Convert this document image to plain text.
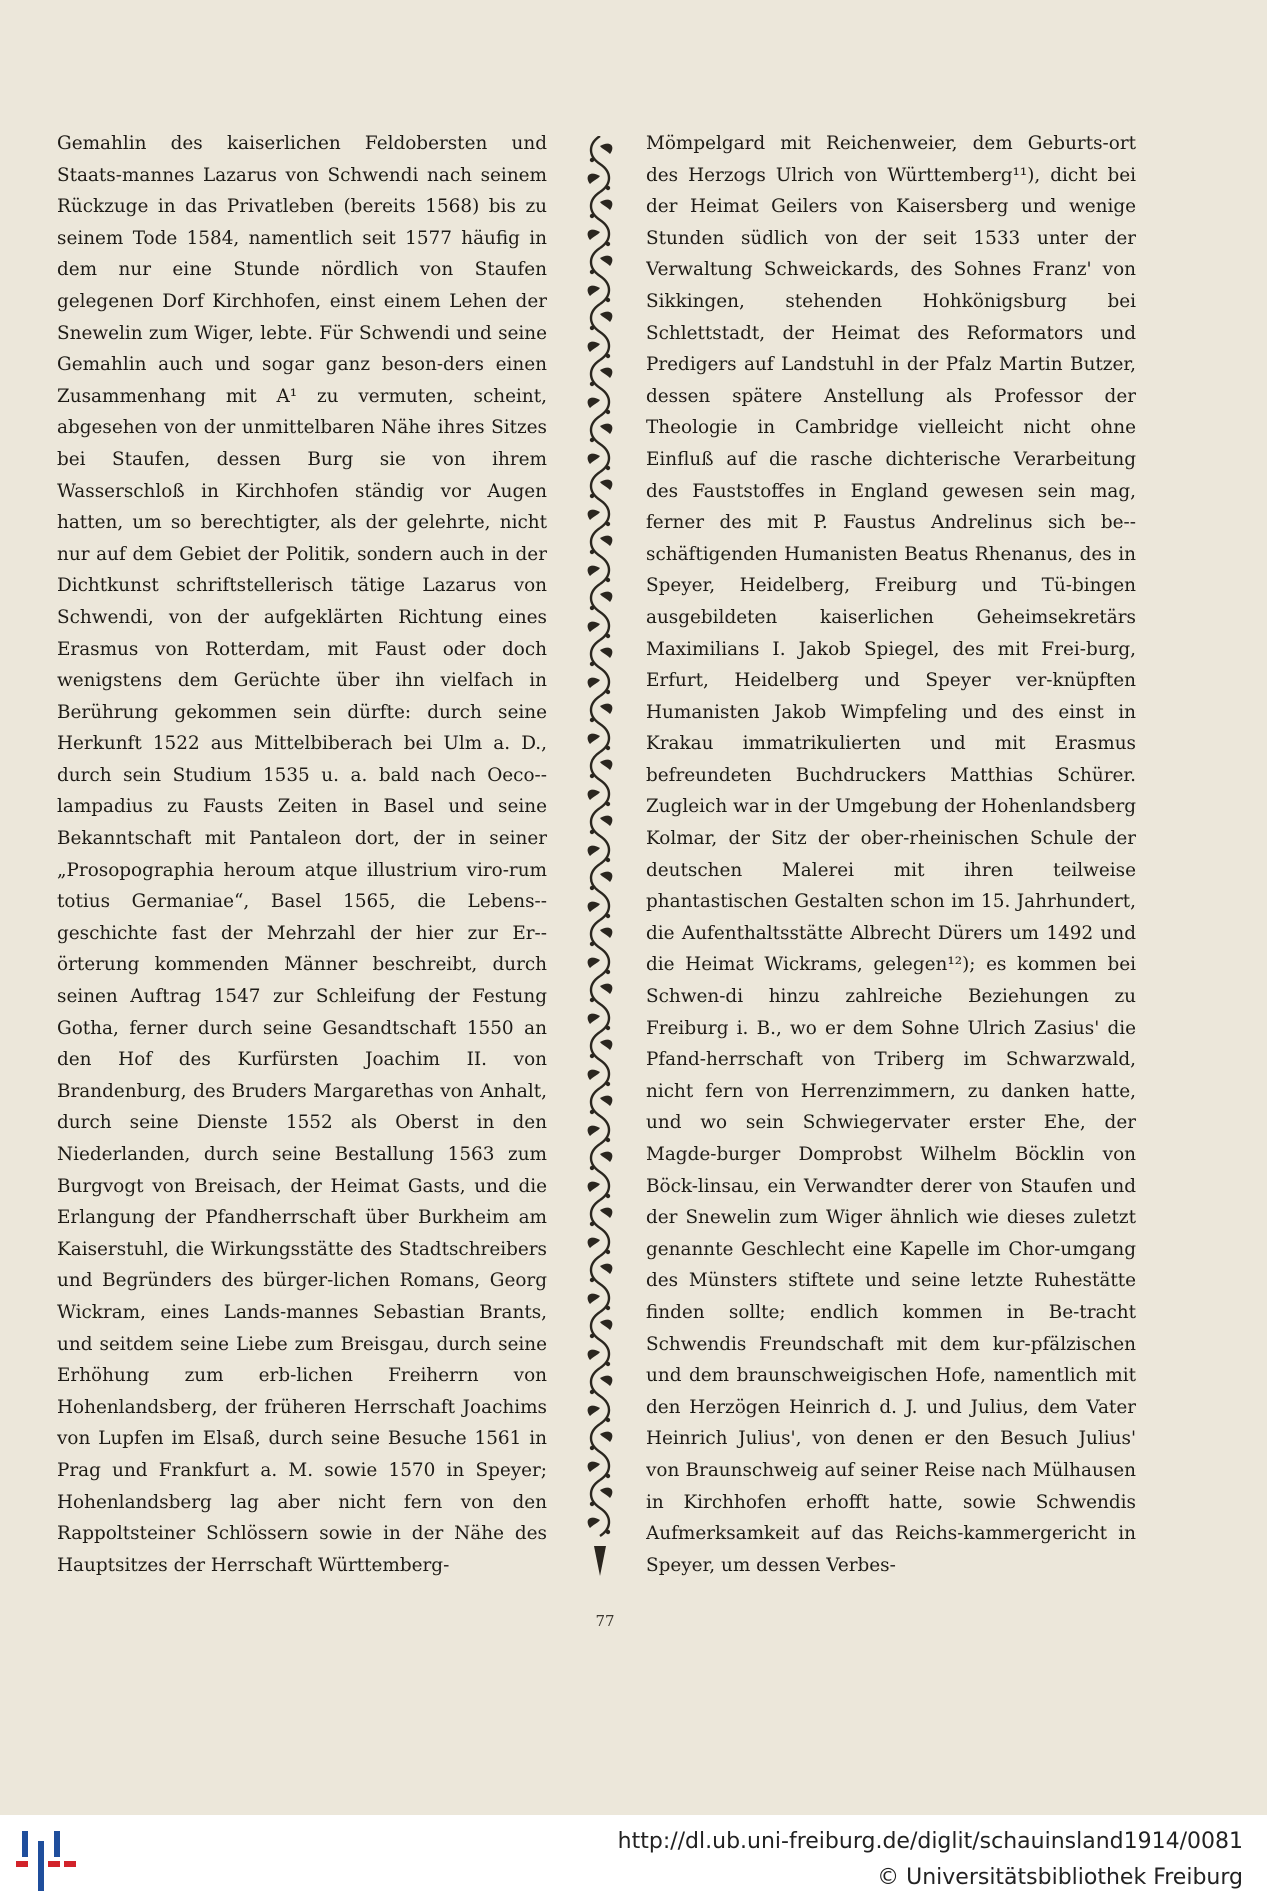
Gemahlin des kaiserlichen Feldobersten und Staats-mannes Lazarus von Schwendi nach seinem Rückzuge in das Privatleben (bereits 1568) bis zu seinem Tode 1584, namentlich seit 1577 häufig in dem nur eine Stunde nördlich von Staufen gelegenen Dorf Kirchhofen, einst einem Lehen der Snewelin zum Wiger, lebte. Für Schwendi und seine Gemahlin auch und sogar ganz beson-ders einen Zusammenhang mit A¹ zu vermuten, scheint, abgesehen von der unmittelbaren Nähe ihres Sitzes bei Staufen, dessen Burg sie von ihrem Wasserschloß in Kirchhofen ständig vor Augen hatten, um so berechtigter, als der gelehrte, nicht nur auf dem Gebiet der Politik, sondern auch in der Dichtkunst schriftstellerisch tätige Lazarus von Schwendi, von der aufgeklärten Richtung eines Erasmus von Rotterdam, mit Faust oder doch wenigstens dem Gerüchte über ihn vielfach in Berührung gekommen sein dürfte: durch seine Herkunft 1522 aus Mittelbiberach bei Ulm a. D., durch sein Studium 1535 u. a. bald nach Oeco-lampadius zu Fausts Zeiten in Basel und seine Bekanntschaft mit Pantaleon dort, der in seiner „Prosopographia heroum atque illustrium viro-rum totius Germaniae“, Basel 1565, die Lebens-geschichte fast der Mehrzahl der hier zur Er-örterung kommenden Männer beschreibt, durch seinen Auftrag 1547 zur Schleifung der Festung Gotha, ferner durch seine Gesandtschaft 1550 an den Hof des Kurfürsten Joachim II. von Brandenburg, des Bruders Margarethas von Anhalt, durch seine Dienste 1552 als Oberst in den Niederlanden, durch seine Bestallung 1563 zum Burgvogt von Breisach, der Heimat Gasts, und die Erlangung der Pfandherrschaft über Burkheim am Kaiserstuhl, die Wirkungsstätte des Stadtschreibers und Begründers des bürger-lichen Romans, Georg Wickram, eines Lands-mannes Sebastian Brants, und seitdem seine Liebe zum Breisgau, durch seine Erhöhung zum erb-lichen Freiherrn von Hohenlandsberg, der früheren Herrschaft Joachims von Lupfen im Elsaß, durch seine Besuche 1561 in Prag und Frankfurt a. M. sowie 1570 in Speyer; Hohenlandsberg lag aber nicht fern von den Rappoltsteiner Schlössern sowie in der Nähe des Hauptsitzes der Herrschaft Württemberg-

Mömpelgard mit Reichenweier, dem Geburts-ort des Herzogs Ulrich von Württemberg¹¹), dicht bei der Heimat Geilers von Kaisersberg und wenige Stunden südlich von der seit 1533 unter der Verwaltung Schweickards, des Sohnes Franz' von Sikkingen, stehenden Hohkönigsburg bei Schlettstadt, der Heimat des Reformators und Predigers auf Landstuhl in der Pfalz Martin Butzer, dessen spätere Anstellung als Professor der Theologie in Cambridge vielleicht nicht ohne Einfluß auf die rasche dichterische Verarbeitung des Fauststoffes in England gewesen sein mag, ferner des mit P. Faustus Andrelinus sich be-schäftigenden Humanisten Beatus Rhenanus, des in Speyer, Heidelberg, Freiburg und Tü-bingen ausgebildeten kaiserlichen Geheimsekretärs Maximilians I. Jakob Spiegel, des mit Frei-burg, Erfurt, Heidelberg und Speyer ver-knüpften Humanisten Jakob Wimpfeling und des einst in Krakau immatrikulierten und mit Erasmus befreundeten Buchdruckers Matthias Schürer. Zugleich war in der Umgebung der Hohenlandsberg Kolmar, der Sitz der ober-rheinischen Schule der deutschen Malerei mit ihren teilweise phantastischen Gestalten schon im 15. Jahrhundert, die Aufenthaltsstätte Albrecht Dürers um 1492 und die Heimat Wickrams, gelegen¹²); es kommen bei Schwen-di hinzu zahlreiche Beziehungen zu Freiburg i. B., wo er dem Sohne Ulrich Zasius' die Pfand-herrschaft von Triberg im Schwarzwald, nicht fern von Herrenzimmern, zu danken hatte, und wo sein Schwiegervater erster Ehe, der Magde-burger Domprobst Wilhelm Böcklin von Böck-linsau, ein Verwandter derer von Staufen und der Snewelin zum Wiger ähnlich wie dieses zuletzt genannte Geschlecht eine Kapelle im Chor-umgang des Münsters stiftete und seine letzte Ruhestätte finden sollte; endlich kommen in Be-tracht Schwendis Freundschaft mit dem kur-pfälzischen und dem braunschweigischen Hofe, namentlich mit den Herzögen Heinrich d. J. und Julius, dem Vater Heinrich Julius', von denen er den Besuch Julius' von Braunschweig auf seiner Reise nach Mülhausen in Kirchhofen erhofft hatte, sowie Schwendis Aufmerksamkeit auf das Reichs-kammergericht in Speyer, um dessen Verbes-

77
http://dl.ub.uni-freiburg.de/diglit/schauinsland1914/0081
© Universitätsbibliothek Freiburg
